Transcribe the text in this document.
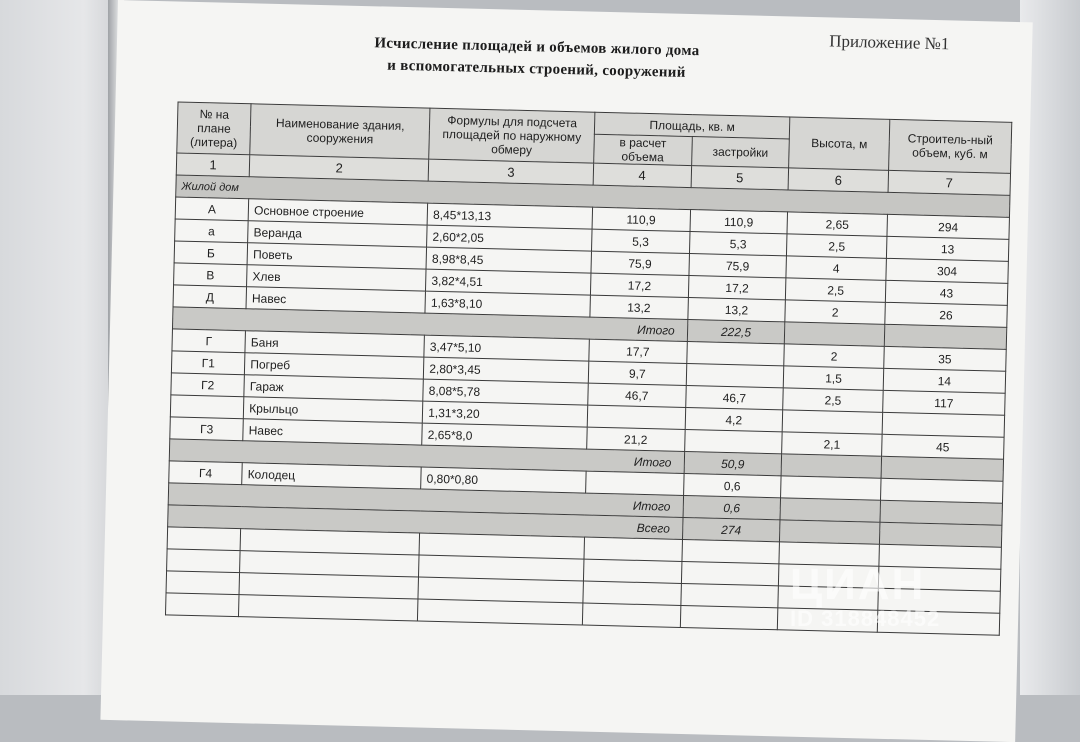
Приложение №1
Исчисление площадей и объемов жилого дома
и вспомогательных строений, сооружений
№ на плане (литера)	Наименование здания, сооружения	Формулы для подсчета площадей по наружному обмеру	Площадь, кв. м		Высота, м	Строитель-ный объем, куб. м
			в расчет объема	застройки		
1	2	3	4	5	6	7
Жилой дом						
А	Основное строение	8,45*13,13	110,9	110,9	2,65	294
а	Веранда	2,60*2,05	5,3	5,3	2,5	13
Б	Поветь	8,98*8,45	75,9	75,9	4	304
В	Хлев	3,82*4,51	17,2	17,2	2,5	43
Д	Навес	1,63*8,10	13,2	13,2	2	26
Итого				222,5		
Г	Баня	3,47*5,10	17,7		2	35
Г1	Погреб	2,80*3,45	9,7		1,5	14
Г2	Гараж	8,08*5,78	46,7	46,7	2,5	117
	Крыльцо	1,31*3,20		4,2		
Г3	Навес	2,65*8,0	21,2		2,1	45
Итого				50,9		
Г4	Колодец	0,80*0,80		0,6		
Итого				0,6		
Всего				274		

ЦИАН
ID 318848452
